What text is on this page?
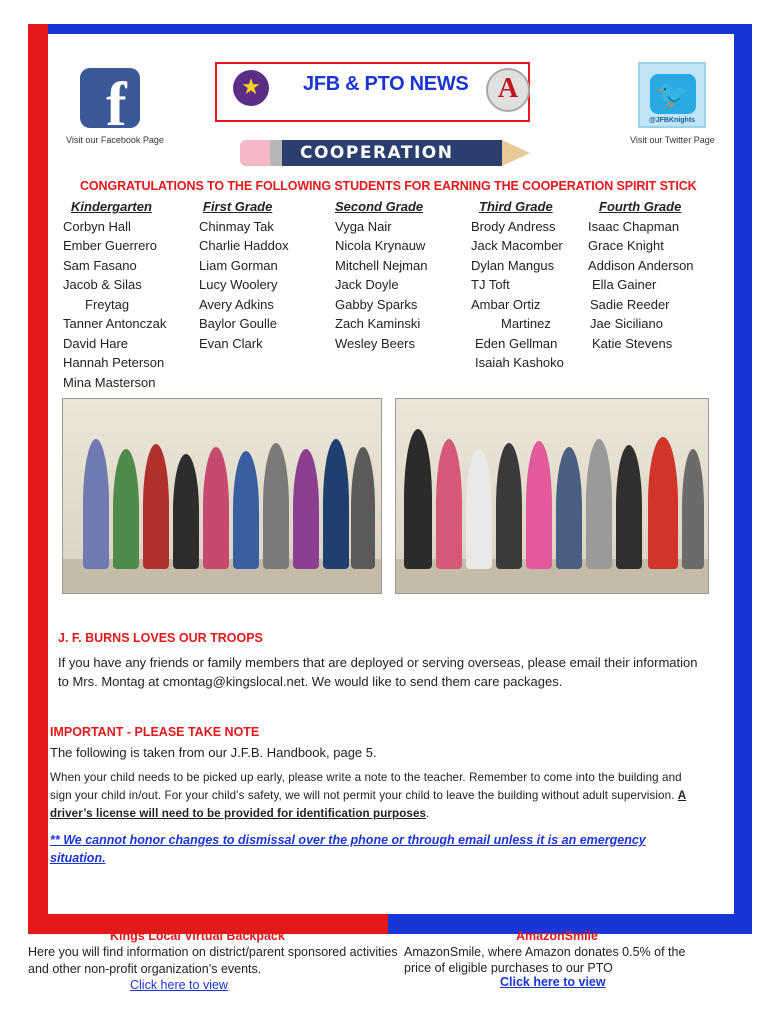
f
Visit our Facebook Page
🐦
@JFBKnights
Visit our Twitter Page
★	JFB & PTO NEWS	A
COOPERATION
CONGRATULATIONS TO THE FOLLOWING STUDENTS FOR EARNING THE COOPERATION SPIRIT STICK
Kindergarten
Corbyn Hall
Ember Guerrero
Sam Fasano
Jacob & Silas
Freytag
Tanner Antonczak
David Hare
Hannah Peterson
Mina Masterson
First Grade
Chinmay Tak
Charlie Haddox
Liam Gorman
Lucy Woolery
Avery Adkins
Baylor Goulle
Evan Clark
Second Grade
Vyga Nair
Nicola Krynauw
Mitchell Nejman
Jack Doyle
Gabby Sparks
Zach Kaminski
Wesley Beers
Third Grade
Brody Andress
Jack Macomber
Dylan Mangus
TJ Toft
Ambar Ortiz
Martinez
Eden Gellman
Isaiah Kashoko
Fourth Grade
Isaac Chapman
Grace Knight
Addison Anderson
Ella Gainer
Sadie Reeder
Jae Siciliano
Katie Stevens
J. F. BURNS LOVES OUR TROOPS
If you have any friends or family members that are deployed or serving overseas, please email their information to Mrs. Montag at cmontag@kingslocal.net. We would like to send them care packages.
IMPORTANT - PLEASE TAKE NOTE
The following is taken from our J.F.B. Handbook, page 5.
When your child needs to be picked up early, please write a note to the teacher. Remember to come into the building and sign your child in/out. For your child’s safety, we will not permit your child to leave the building without adult supervision. A driver’s license will need to be provided for identification purposes.
** We cannot honor changes to dismissal over the phone or through email unless it is an emergency situation.
Kings Local Virtual Backpack
Here you will find information on district/parent sponsored activities and other non-profit organization’s events.
Click here to view
AmazonSmile
AmazonSmile, where Amazon donates 0.5% of the price of eligible purchases to our PTO
Click here to view
